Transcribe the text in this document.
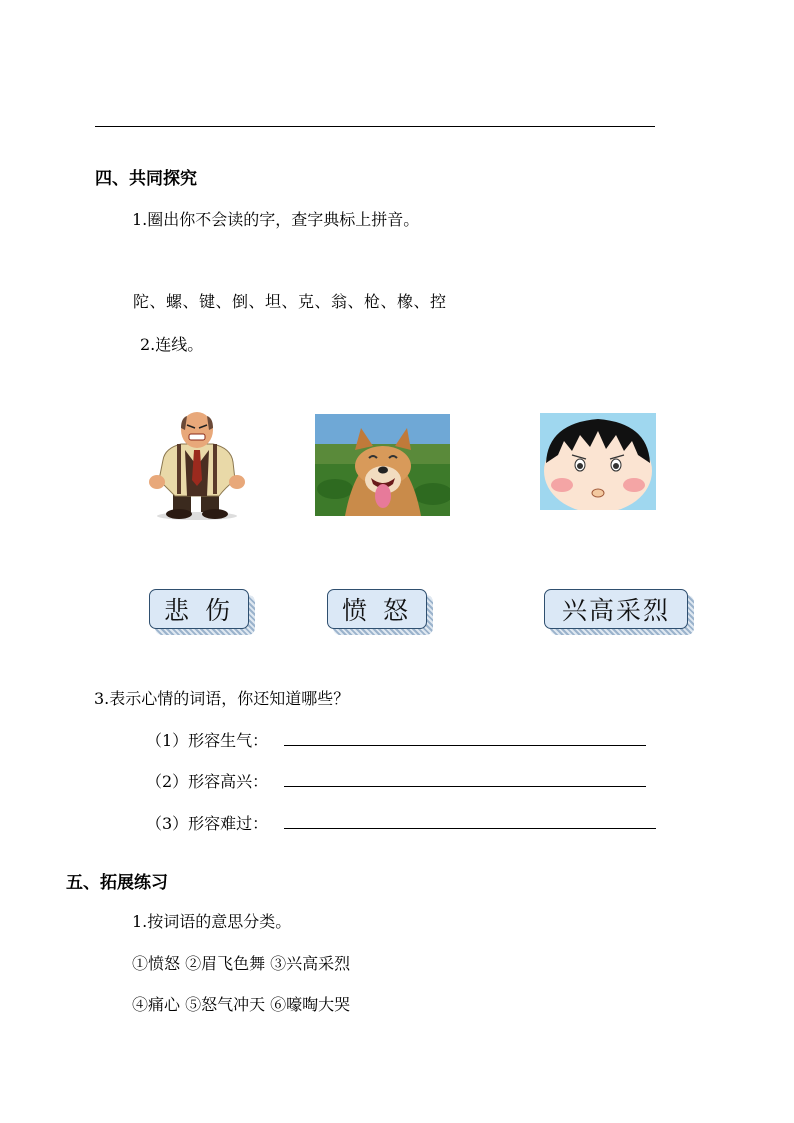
四、共同探究
1.圈出你不会读的字，查字典标上拼音。
陀、螺、键、倒、坦、克、翁、枪、橡、控
2.连线。
悲 伤	愤 怒	兴高采烈
3.表示心情的词语，你还知道哪些？
（1）形容生气：
（2）形容高兴：
（3）形容难过：
五、拓展练习
1.按词语的意思分类。
①愤怒 ②眉飞色舞 ③兴高采烈
④痛心 ⑤怒气冲天 ⑥嚎啕大哭
